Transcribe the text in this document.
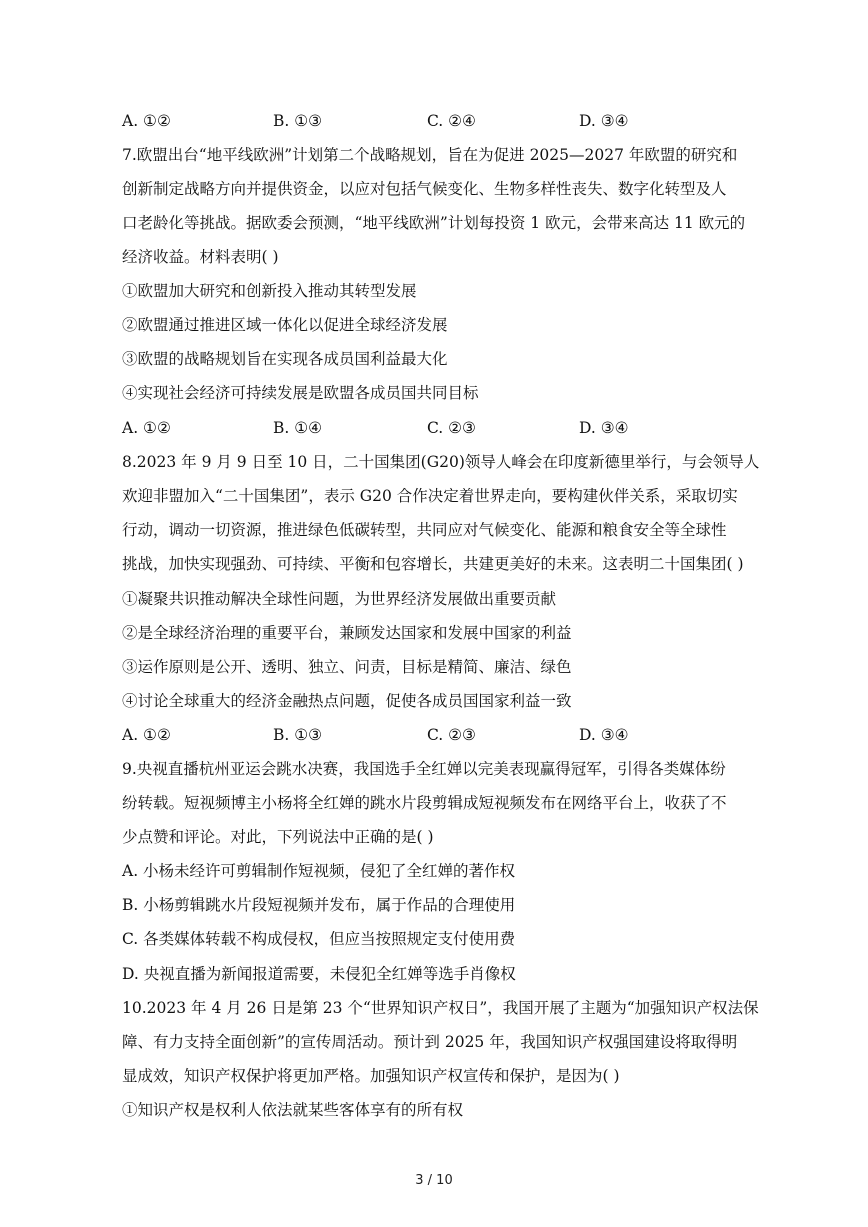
A. ①②	B. ①③	C. ②④	D. ③④
7.欧盟出台“地平线欧洲”计划第二个战略规划，旨在为促进 2025—2027 年欧盟的研究和
创新制定战略方向并提供资金，以应对包括气候变化、生物多样性丧失、数字化转型及人
口老龄化等挑战。据欧委会预测，“地平线欧洲”计划每投资 1 欧元，会带来高达 11 欧元的
经济收益。材料表明( )
①欧盟加大研究和创新投入推动其转型发展
②欧盟通过推进区域一体化以促进全球经济发展
③欧盟的战略规划旨在实现各成员国利益最大化
④实现社会经济可持续发展是欧盟各成员国共同目标
A. ①②	B. ①④	C. ②③	D. ③④
8.2023 年 9 月 9 日至 10 日，二十国集团(G20)领导人峰会在印度新德里举行，与会领导人
欢迎非盟加入“二十国集团”，表示 G20 合作决定着世界走向，要构建伙伴关系，采取切实
行动，调动一切资源，推进绿色低碳转型，共同应对气候变化、能源和粮食安全等全球性
挑战，加快实现强劲、可持续、平衡和包容增长，共建更美好的未来。这表明二十国集团( )
①凝聚共识推动解决全球性问题，为世界经济发展做出重要贡献
②是全球经济治理的重要平台，兼顾发达国家和发展中国家的利益
③运作原则是公开、透明、独立、问责，目标是精简、廉洁、绿色
④讨论全球重大的经济金融热点问题，促使各成员国国家利益一致
A. ①②	B. ①③	C. ②③	D. ③④
9.央视直播杭州亚运会跳水决赛，我国选手全红婵以完美表现赢得冠军，引得各类媒体纷
纷转载。短视频博主小杨将全红婵的跳水片段剪辑成短视频发布在网络平台上，收获了不
少点赞和评论。对此，下列说法中正确的是( )
A. 小杨未经许可剪辑制作短视频，侵犯了全红婵的著作权
B. 小杨剪辑跳水片段短视频并发布，属于作品的合理使用
C. 各类媒体转载不构成侵权，但应当按照规定支付使用费
D. 央视直播为新闻报道需要，未侵犯全红婵等选手肖像权
10.2023 年 4 月 26 日是第 23 个“世界知识产权日”，我国开展了主题为“加强知识产权法保
障、有力支持全面创新”的宣传周活动。预计到 2025 年，我国知识产权强国建设将取得明
显成效，知识产权保护将更加严格。加强知识产权宣传和保护，是因为( )
①知识产权是权利人依法就某些客体享有的所有权
3 / 10
